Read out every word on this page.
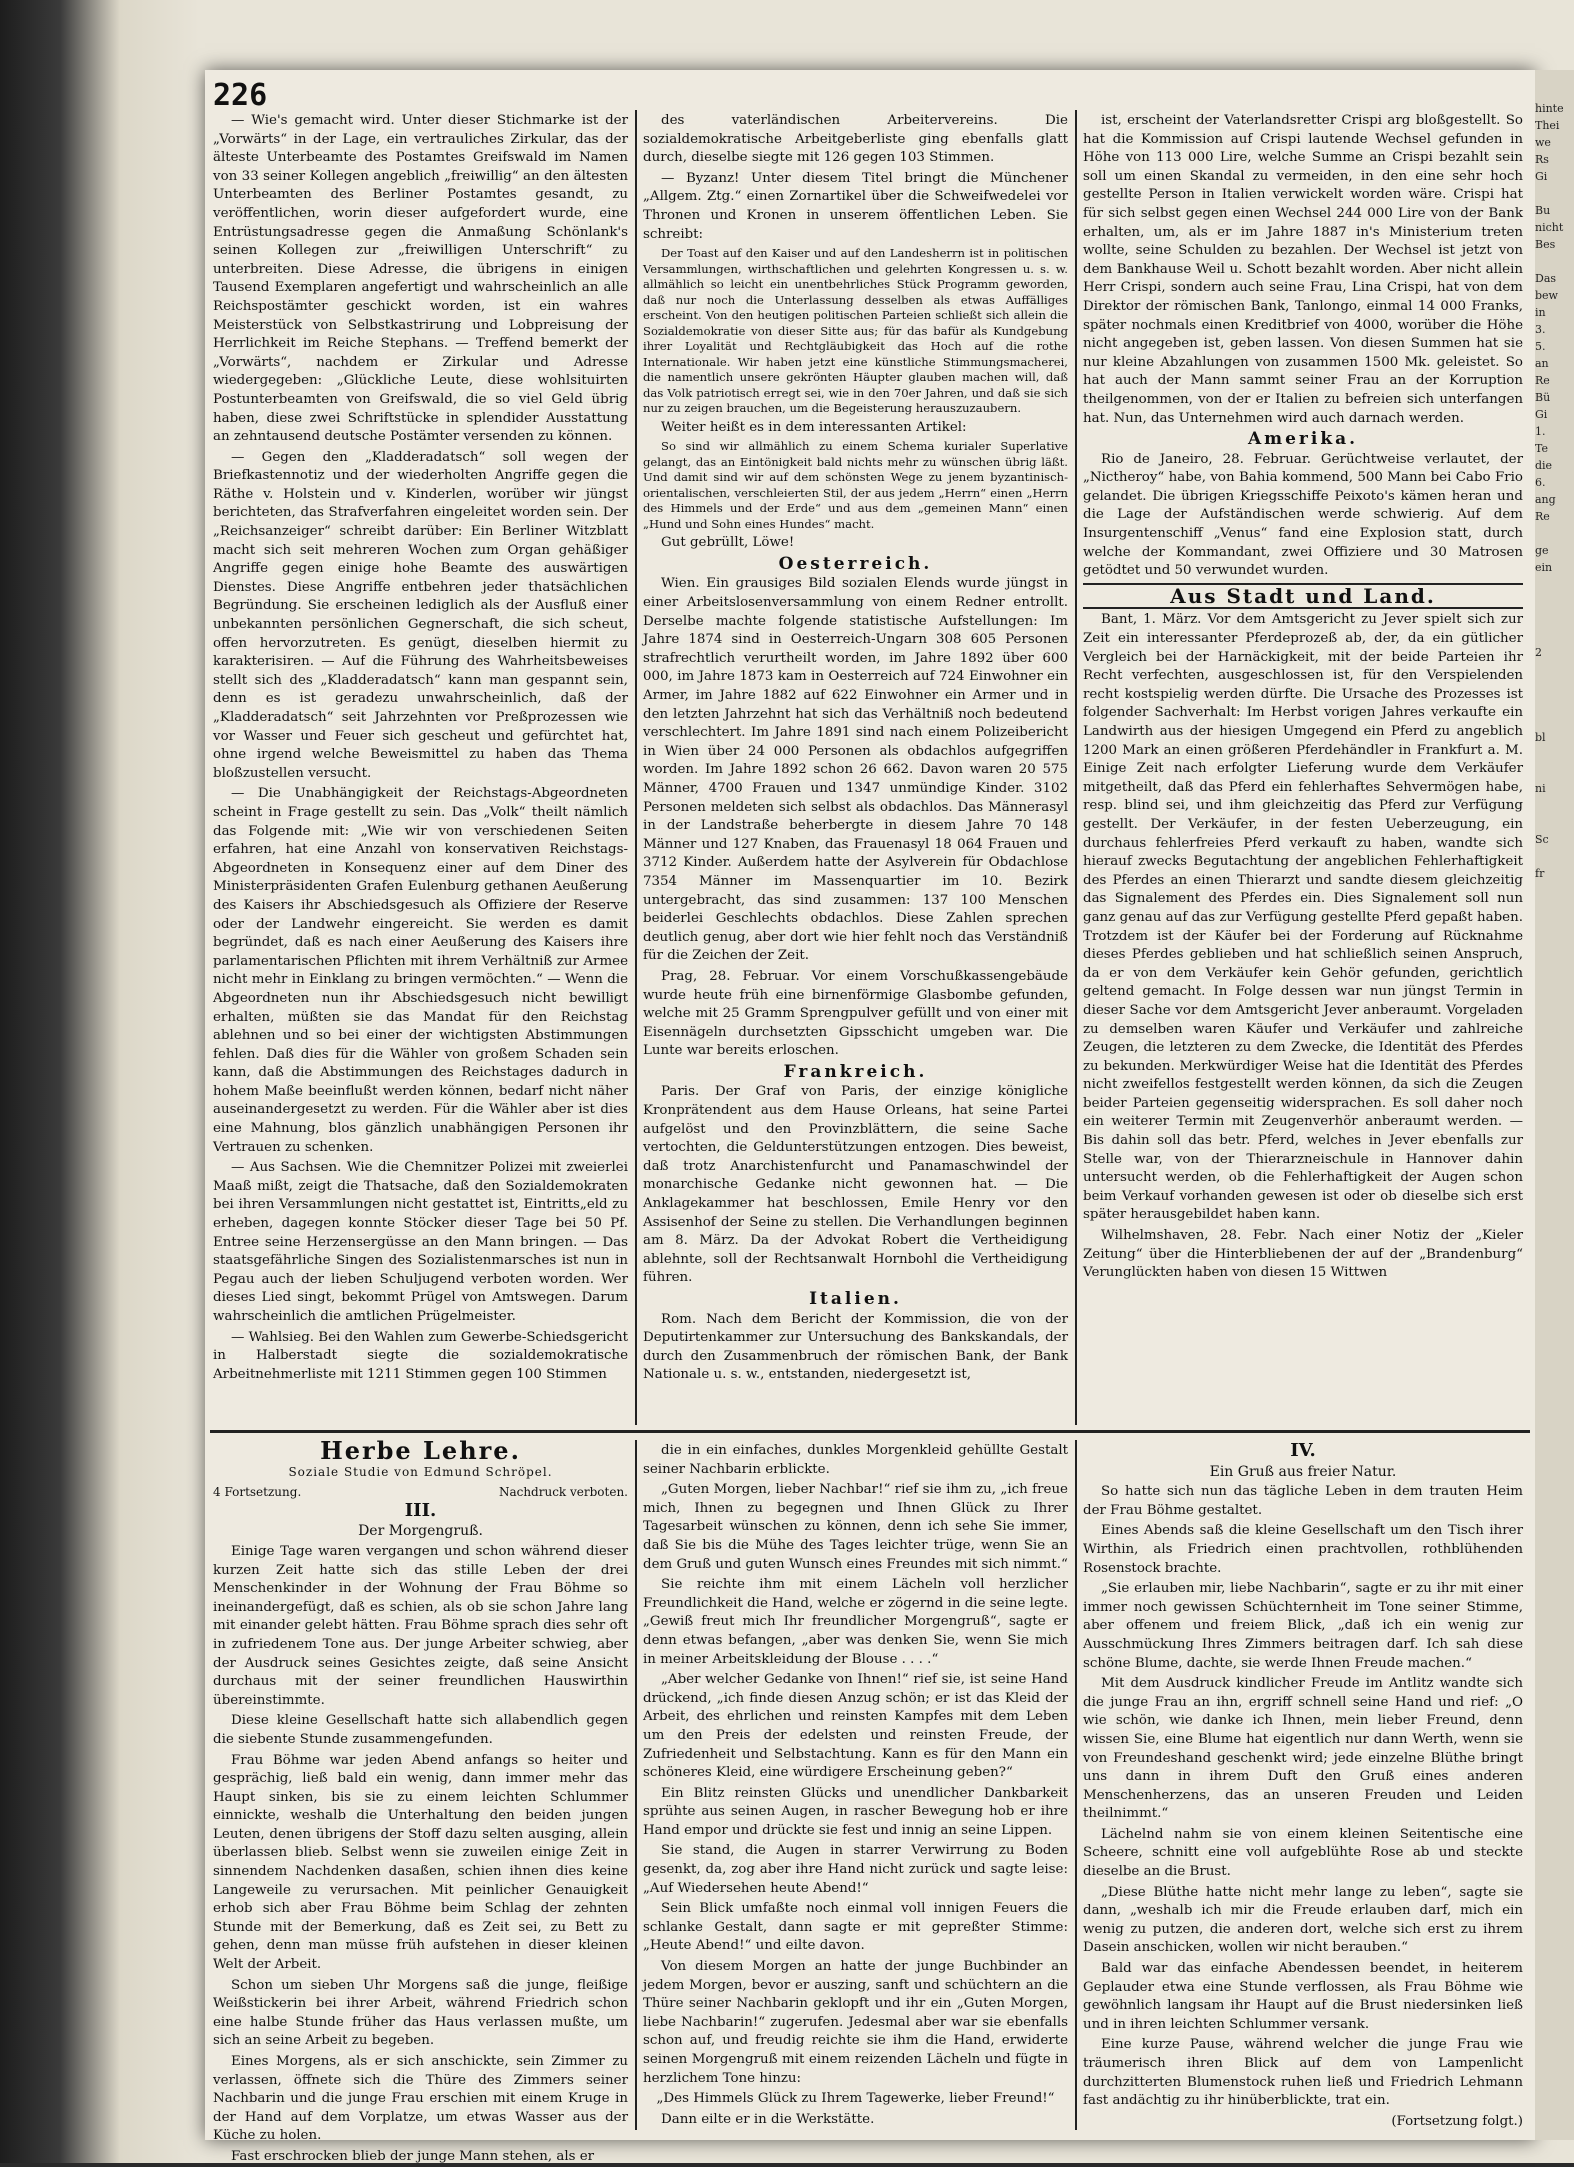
226

— Wie's gemacht wird. Unter dieser Stichmarke ist der „Vorwärts“ in der Lage, ein vertrauliches Zirkular, das der älteste Unterbeamte des Postamtes Greifswald im Namen von 33 seiner Kollegen angeblich „freiwillig“ an den ältesten Unterbeamten des Berliner Postamtes gesandt, zu veröffentlichen, worin dieser aufgefordert wurde, eine Entrüstungsadresse gegen die Anmaßung Schönlank's seinen Kollegen zur „freiwilligen Unterschrift“ zu unterbreiten. Diese Adresse, die übrigens in einigen Tausend Exemplaren angefertigt und wahrscheinlich an alle Reichspostämter geschickt worden, ist ein wahres Meisterstück von Selbstkastrirung und Lobpreisung der Herrlichkeit im Reiche Stephans. — Treffend bemerkt der „Vorwärts“, nachdem er Zirkular und Adresse wiedergegeben: „Glückliche Leute, diese wohlsituirten Postunterbeamten von Greifswald, die so viel Geld übrig haben, diese zwei Schriftstücke in splendider Ausstattung an zehntausend deutsche Postämter versenden zu können.

— Gegen den „Kladderadatsch“ soll wegen der Briefkastennotiz und der wiederholten Angriffe gegen die Räthe v. Holstein und v. Kinderlen, worüber wir jüngst berichteten, das Strafverfahren eingeleitet worden sein. Der „Reichsanzeiger“ schreibt darüber: Ein Berliner Witzblatt macht sich seit mehreren Wochen zum Organ gehäßiger Angriffe gegen einige hohe Beamte des auswärtigen Dienstes. Diese Angriffe entbehren jeder thatsächlichen Begründung. Sie erscheinen lediglich als der Ausfluß einer unbekannten persönlichen Gegnerschaft, die sich scheut, offen hervorzutreten. Es genügt, dieselben hiermit zu karakterisiren. — Auf die Führung des Wahrheitsbeweises stellt sich des „Kladderadatsch“ kann man gespannt sein, denn es ist geradezu unwahrscheinlich, daß der „Kladderadatsch“ seit Jahrzehnten vor Preßprozessen wie vor Wasser und Feuer sich gescheut und gefürchtet hat, ohne irgend welche Beweismittel zu haben das Thema bloßzustellen versucht.

— Die Unabhängigkeit der Reichstags-Abgeordneten scheint in Frage gestellt zu sein. Das „Volk“ theilt nämlich das Folgende mit: „Wie wir von verschiedenen Seiten erfahren, hat eine Anzahl von konservativen Reichstags-Abgeordneten in Konsequenz einer auf dem Diner des Ministerpräsidenten Grafen Eulenburg gethanen Aeußerung des Kaisers ihr Abschiedsgesuch als Offiziere der Reserve oder der Landwehr eingereicht. Sie werden es damit begründet, daß es nach einer Aeußerung des Kaisers ihre parlamentarischen Pflichten mit ihrem Verhältniß zur Armee nicht mehr in Einklang zu bringen vermöchten.“ — Wenn die Abgeordneten nun ihr Abschiedsgesuch nicht bewilligt erhalten, müßten sie das Mandat für den Reichstag ablehnen und so bei einer der wichtigsten Abstimmungen fehlen. Daß dies für die Wähler von großem Schaden sein kann, daß die Abstimmungen des Reichstages dadurch in hohem Maße beeinflußt werden können, bedarf nicht näher auseinandergesetzt zu werden. Für die Wähler aber ist dies eine Mahnung, blos gänzlich unabhängigen Personen ihr Vertrauen zu schenken.

— Aus Sachsen. Wie die Chemnitzer Polizei mit zweierlei Maaß mißt, zeigt die Thatsache, daß den Sozialdemokraten bei ihren Versammlungen nicht gestattet ist, Eintritts„eld zu erheben, dagegen konnte Stöcker dieser Tage bei 50 Pf. Entree seine Herzensergüsse an den Mann bringen. — Das staatsgefährliche Singen des Sozialistenmarsches ist nun in Pegau auch der lieben Schuljugend verboten worden. Wer dieses Lied singt, bekommt Prügel von Amtswegen. Darum wahrscheinlich die amtlichen Prügelmeister.

— Wahlsieg. Bei den Wahlen zum Gewerbe-Schiedsgericht in Halberstadt siegte die sozialdemokratische Arbeitnehmerliste mit 1211 Stimmen gegen 100 Stimmen

des vaterländischen Arbeitervereins. Die sozialdemokratische Arbeitgeberliste ging ebenfalls glatt durch, dieselbe siegte mit 126 gegen 103 Stimmen.

— Byzanz! Unter diesem Titel bringt die Münchener „Allgem. Ztg.“ einen Zornartikel über die Schweifwedelei vor Thronen und Kronen in unserem öffentlichen Leben. Sie schreibt:

Der Toast auf den Kaiser und auf den Landesherrn ist in politischen Versammlungen, wirthschaftlichen und gelehrten Kongressen u. s. w. allmählich so leicht ein unentbehrliches Stück Programm geworden, daß nur noch die Unterlassung desselben als etwas Auffälliges erscheint. Von den heutigen politischen Parteien schließt sich allein die Sozialdemokratie von dieser Sitte aus; für das bafür als Kundgebung ihrer Loyalität und Rechtgläubigkeit das Hoch auf die rothe Internationale. Wir haben jetzt eine künstliche Stimmungsmacherei, die namentlich unsere gekrönten Häupter glauben machen will, daß das Volk patriotisch erregt sei, wie in den 70er Jahren, und daß sie sich nur zu zeigen brauchen, um die Begeisterung herauszuzaubern.

Weiter heißt es in dem interessanten Artikel:

So sind wir allmählich zu einem Schema kurialer Superlative gelangt, das an Eintönigkeit bald nichts mehr zu wünschen übrig läßt. Und damit sind wir auf dem schönsten Wege zu jenem byzantinisch-orientalischen, verschleierten Stil, der aus jedem „Herrn“ einen „Herrn des Himmels und der Erde“ und aus dem „gemeinen Mann“ einen „Hund und Sohn eines Hundes“ macht.

Gut gebrüllt, Löwe!

Oesterreich.

Wien. Ein grausiges Bild sozialen Elends wurde jüngst in einer Arbeitslosenversammlung von einem Redner entrollt. Derselbe machte folgende statistische Aufstellungen: Im Jahre 1874 sind in Oesterreich-Ungarn 308 605 Personen strafrechtlich verurtheilt worden, im Jahre 1892 über 600 000, im Jahre 1873 kam in Oesterreich auf 724 Einwohner ein Armer, im Jahre 1882 auf 622 Einwohner ein Armer und in den letzten Jahrzehnt hat sich das Verhältniß noch bedeutend verschlechtert. Im Jahre 1891 sind nach einem Polizeibericht in Wien über 24 000 Personen als obdachlos aufgegriffen worden. Im Jahre 1892 schon 26 662. Davon waren 20 575 Männer, 4700 Frauen und 1347 unmündige Kinder. 3102 Personen meldeten sich selbst als obdachlos. Das Männerasyl in der Landstraße beherbergte in diesem Jahre 70 148 Männer und 127 Knaben, das Frauenasyl 18 064 Frauen und 3712 Kinder. Außerdem hatte der Asylverein für Obdachlose 7354 Männer im Massenquartier im 10. Bezirk untergebracht, das sind zusammen: 137 100 Menschen beiderlei Geschlechts obdachlos. Diese Zahlen sprechen deutlich genug, aber dort wie hier fehlt noch das Verständniß für die Zeichen der Zeit.

Prag, 28. Februar. Vor einem Vorschußkassengebäude wurde heute früh eine birnenförmige Glasbombe gefunden, welche mit 25 Gramm Sprengpulver gefüllt und von einer mit Eisennägeln durchsetzten Gipsschicht umgeben war. Die Lunte war bereits erloschen.

Frankreich.

Paris. Der Graf von Paris, der einzige königliche Kronprätendent aus dem Hause Orleans, hat seine Partei aufgelöst und den Provinzblättern, die seine Sache vertochten, die Geldunterstützungen entzogen. Dies beweist, daß trotz Anarchistenfurcht und Panamaschwindel der monarchische Gedanke nicht gewonnen hat. — Die Anklagekammer hat beschlossen, Emile Henry vor den Assisenhof der Seine zu stellen. Die Verhandlungen beginnen am 8. März. Da der Advokat Robert die Vertheidigung ablehnte, soll der Rechtsanwalt Hornbohl die Vertheidigung führen.

Italien.

Rom. Nach dem Bericht der Kommission, die von der Deputirtenkammer zur Untersuchung des Bankskandals, der durch den Zusammenbruch der römischen Bank, der Bank Nationale u. s. w., entstanden, niedergesetzt ist,

ist, erscheint der Vaterlandsretter Crispi arg bloßgestellt. So hat die Kommission auf Crispi lautende Wechsel gefunden in Höhe von 113 000 Lire, welche Summe an Crispi bezahlt sein soll um einen Skandal zu vermeiden, in den eine sehr hoch gestellte Person in Italien verwickelt worden wäre. Crispi hat für sich selbst gegen einen Wechsel 244 000 Lire von der Bank erhalten, um, als er im Jahre 1887 in's Ministerium treten wollte, seine Schulden zu bezahlen. Der Wechsel ist jetzt von dem Bankhause Weil u. Schott bezahlt worden. Aber nicht allein Herr Crispi, sondern auch seine Frau, Lina Crispi, hat von dem Direktor der römischen Bank, Tanlongo, einmal 14 000 Franks, später nochmals einen Kreditbrief von 4000, worüber die Höhe nicht angegeben ist, geben lassen. Von diesen Summen hat sie nur kleine Abzahlungen von zusammen 1500 Mk. geleistet. So hat auch der Mann sammt seiner Frau an der Korruption theilgenommen, von der er Italien zu befreien sich unterfangen hat. Nun, das Unternehmen wird auch darnach werden.

Amerika.

Rio de Janeiro, 28. Februar. Gerüchtweise verlautet, der „Nictheroy“ habe, von Bahia kommend, 500 Mann bei Cabo Frio gelandet. Die übrigen Kriegsschiffe Peixoto's kämen heran und die Lage der Aufständischen werde schwierig. Auf dem Insurgentenschiff „Venus“ fand eine Explosion statt, durch welche der Kommandant, zwei Offiziere und 30 Matrosen getödtet und 50 verwundet wurden.

Aus Stadt und Land.

Bant, 1. März. Vor dem Amtsgericht zu Jever spielt sich zur Zeit ein interessanter Pferdeprozeß ab, der, da ein gütlicher Vergleich bei der Harnäckigkeit, mit der beide Parteien ihr Recht verfechten, ausgeschlossen ist, für den Verspielenden recht kostspielig werden dürfte. Die Ursache des Prozesses ist folgender Sachverhalt: Im Herbst vorigen Jahres verkaufte ein Landwirth aus der hiesigen Umgegend ein Pferd zu angeblich 1200 Mark an einen größeren Pferdehändler in Frankfurt a. M. Einige Zeit nach erfolgter Lieferung wurde dem Verkäufer mitgetheilt, daß das Pferd ein fehlerhaftes Sehvermögen habe, resp. blind sei, und ihm gleichzeitig das Pferd zur Verfügung gestellt. Der Verkäufer, in der festen Ueberzeugung, ein durchaus fehlerfreies Pferd verkauft zu haben, wandte sich hierauf zwecks Begutachtung der angeblichen Fehlerhaftigkeit des Pferdes an einen Thierarzt und sandte diesem gleichzeitig das Signalement des Pferdes ein. Dies Signalement soll nun ganz genau auf das zur Verfügung gestellte Pferd gepaßt haben. Trotzdem ist der Käufer bei der Forderung auf Rücknahme dieses Pferdes geblieben und hat schließlich seinen Anspruch, da er von dem Verkäufer kein Gehör gefunden, gerichtlich geltend gemacht. In Folge dessen war nun jüngst Termin in dieser Sache vor dem Amtsgericht Jever anberaumt. Vorgeladen zu demselben waren Käufer und Verkäufer und zahlreiche Zeugen, die letzteren zu dem Zwecke, die Identität des Pferdes zu bekunden. Merkwürdiger Weise hat die Identität des Pferdes nicht zweifellos festgestellt werden können, da sich die Zeugen beider Parteien gegenseitig widersprachen. Es soll daher noch ein weiterer Termin mit Zeugenverhör anberaumt werden. — Bis dahin soll das betr. Pferd, welches in Jever ebenfalls zur Stelle war, von der Thierarzneischule in Hannover dahin untersucht werden, ob die Fehlerhaftigkeit der Augen schon beim Verkauf vorhanden gewesen ist oder ob dieselbe sich erst später herausgebildet haben kann.

Wilhelmshaven, 28. Febr. Nach einer Notiz der „Kieler Zeitung“ über die Hinterbliebenen der auf der „Brandenburg“ Verunglückten haben von diesen 15 Wittwen

Herbe Lehre.

Soziale Studie von Edmund Schröpel.

4 Fortsetzung.	Nachdruck verboten.

III.

Der Morgengruß.

Einige Tage waren vergangen und schon während dieser kurzen Zeit hatte sich das stille Leben der drei Menschenkinder in der Wohnung der Frau Böhme so ineinandergefügt, daß es schien, als ob sie schon Jahre lang mit einander gelebt hätten. Frau Böhme sprach dies sehr oft in zufriedenem Tone aus. Der junge Arbeiter schwieg, aber der Ausdruck seines Gesichtes zeigte, daß seine Ansicht durchaus mit der seiner freundlichen Hauswirthin übereinstimmte.

Diese kleine Gesellschaft hatte sich allabendlich gegen die siebente Stunde zusammengefunden.

Frau Böhme war jeden Abend anfangs so heiter und gesprächig, ließ bald ein wenig, dann immer mehr das Haupt sinken, bis sie zu einem leichten Schlummer einnickte, weshalb die Unterhaltung den beiden jungen Leuten, denen übrigens der Stoff dazu selten ausging, allein überlassen blieb. Selbst wenn sie zuweilen einige Zeit in sinnendem Nachdenken dasaßen, schien ihnen dies keine Langeweile zu verursachen. Mit peinlicher Genauigkeit erhob sich aber Frau Böhme beim Schlag der zehnten Stunde mit der Bemerkung, daß es Zeit sei, zu Bett zu gehen, denn man müsse früh aufstehen in dieser kleinen Welt der Arbeit.

Schon um sieben Uhr Morgens saß die junge, fleißige Weißstickerin bei ihrer Arbeit, während Friedrich schon eine halbe Stunde früher das Haus verlassen mußte, um sich an seine Arbeit zu begeben.

Eines Morgens, als er sich anschickte, sein Zimmer zu verlassen, öffnete sich die Thüre des Zimmers seiner Nachbarin und die junge Frau erschien mit einem Kruge in der Hand auf dem Vorplatze, um etwas Wasser aus der Küche zu holen.

Fast erschrocken blieb der junge Mann stehen, als er

die in ein einfaches, dunkles Morgenkleid gehüllte Gestalt seiner Nachbarin erblickte.

„Guten Morgen, lieber Nachbar!“ rief sie ihm zu, „ich freue mich, Ihnen zu begegnen und Ihnen Glück zu Ihrer Tagesarbeit wünschen zu können, denn ich sehe Sie immer, daß Sie bis die Mühe des Tages leichter trüge, wenn Sie an dem Gruß und guten Wunsch eines Freundes mit sich nimmt.“

Sie reichte ihm mit einem Lächeln voll herzlicher Freundlichkeit die Hand, welche er zögernd in die seine legte. „Gewiß freut mich Ihr freundlicher Morgengruß“, sagte er denn etwas befangen, „aber was denken Sie, wenn Sie mich in meiner Arbeitskleidung der Blouse . . . .“

„Aber welcher Gedanke von Ihnen!“ rief sie, ist seine Hand drückend, „ich finde diesen Anzug schön; er ist das Kleid der Arbeit, des ehrlichen und reinsten Kampfes mit dem Leben um den Preis der edelsten und reinsten Freude, der Zufriedenheit und Selbstachtung. Kann es für den Mann ein schöneres Kleid, eine würdigere Erscheinung geben?“

Ein Blitz reinsten Glücks und unendlicher Dankbarkeit sprühte aus seinen Augen, in rascher Bewegung hob er ihre Hand empor und drückte sie fest und innig an seine Lippen.

Sie stand, die Augen in starrer Verwirrung zu Boden gesenkt, da, zog aber ihre Hand nicht zurück und sagte leise: „Auf Wiedersehen heute Abend!“

Sein Blick umfaßte noch einmal voll innigen Feuers die schlanke Gestalt, dann sagte er mit gepreßter Stimme: „Heute Abend!“ und eilte davon.

Von diesem Morgen an hatte der junge Buchbinder an jedem Morgen, bevor er auszing, sanft und schüchtern an die Thüre seiner Nachbarin geklopft und ihr ein „Guten Morgen, liebe Nachbarin!“ zugerufen. Jedesmal aber war sie ebenfalls schon auf, und freudig reichte sie ihm die Hand, erwiderte seinen Morgengruß mit einem reizenden Lächeln und fügte in herzlichem Tone hinzu:

„Des Himmels Glück zu Ihrem Tagewerke, lieber Freund!“

Dann eilte er in die Werkstätte.

IV.

Ein Gruß aus freier Natur.

So hatte sich nun das tägliche Leben in dem trauten Heim der Frau Böhme gestaltet.

Eines Abends saß die kleine Gesellschaft um den Tisch ihrer Wirthin, als Friedrich einen prachtvollen, rothblühenden Rosenstock brachte.

„Sie erlauben mir, liebe Nachbarin“, sagte er zu ihr mit einer immer noch gewissen Schüchternheit im Tone seiner Stimme, aber offenem und freiem Blick, „daß ich ein wenig zur Ausschmückung Ihres Zimmers beitragen darf. Ich sah diese schöne Blume, dachte, sie werde Ihnen Freude machen.“

Mit dem Ausdruck kindlicher Freude im Antlitz wandte sich die junge Frau an ihn, ergriff schnell seine Hand und rief: „O wie schön, wie danke ich Ihnen, mein lieber Freund, denn wissen Sie, eine Blume hat eigentlich nur dann Werth, wenn sie von Freundeshand geschenkt wird; jede einzelne Blüthe bringt uns dann in ihrem Duft den Gruß eines anderen Menschenherzens, das an unseren Freuden und Leiden theilnimmt.“

Lächelnd nahm sie von einem kleinen Seitentische eine Scheere, schnitt eine voll aufgeblühte Rose ab und steckte dieselbe an die Brust.

„Diese Blüthe hatte nicht mehr lange zu leben“, sagte sie dann, „weshalb ich mir die Freude erlauben darf, mich ein wenig zu putzen, die anderen dort, welche sich erst zu ihrem Dasein anschicken, wollen wir nicht berauben.“

Bald war das einfache Abendessen beendet, in heiterem Geplauder etwa eine Stunde verflossen, als Frau Böhme wie gewöhnlich langsam ihr Haupt auf die Brust niedersinken ließ und in ihren leichten Schlummer versank.

Eine kurze Pause, während welcher die junge Frau wie träumerisch ihren Blick auf dem von Lampenlicht durchzitterten Blumenstock ruhen ließ und Friedrich Lehmann fast andächtig zu ihr hinüberblickte, trat ein.

(Fortsetzung folgt.)

hinte
Thei
we
Rs
Gi

Bu
nicht
Bes

Das
bew
in
3.
5.
an
Re
Bü
Gi
1.
Te
die
6.
ang
Re

ge
ein

2

bl

ni

Sc

fr
